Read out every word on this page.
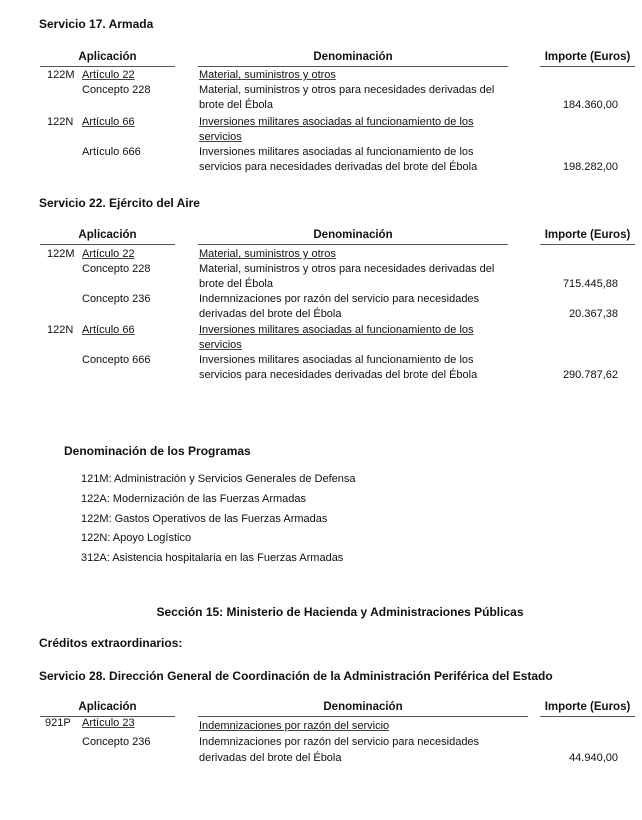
Servicio 17. Armada
Aplicación	Denominación	Importe (Euros)
122M Artículo 22	Material, suministros y otros
Concepto 228	Material, suministros y otros para necesidades derivadas del
brote del Ébola	184.360,00
122N Artículo 66	Inversiones militares asociadas al funcionamiento de los
servicios
Artículo 666	Inversiones militares asociadas al funcionamiento de los
servicios para necesidades derivadas del brote del Ébola	198.282,00
Servicio 22. Ejército del Aire
Aplicación	Denominación	Importe (Euros)
122M Artículo 22	Material, suministros y otros
Concepto 228	Material, suministros y otros para necesidades derivadas del
brote del Ébola	715.445,88
Concepto 236	Indemnizaciones por razón del servicio para necesidades
derivadas del brote del Ébola	20.367,38
122N Artículo 66	Inversiones militares asociadas al funcionamiento de los
servicios
Concepto 666	Inversiones militares asociadas al funcionamiento de los
servicios para necesidades derivadas del brote del Ébola	290.787,62
Denominación de los Programas
121M: Administración y Servicios Generales de Defensa
122A: Modernización de las Fuerzas Armadas
122M: Gastos Operativos de las Fuerzas Armadas
122N: Apoyo Logístico
312A: Asistencia hospitalaria en las Fuerzas Armadas
Sección 15: Ministerio de Hacienda y Administraciones Públicas
Créditos extraordinarios:
Servicio 28. Dirección General de Coordinación de la Administración Periférica del Estado
Aplicación	Denominación	Importe (Euros)
921P Artículo 23	Indemnizaciones por razón del servicio
Concepto 236	Indemnizaciones por razón del servicio para necesidades
derivadas del brote del Ébola	44.940,00
